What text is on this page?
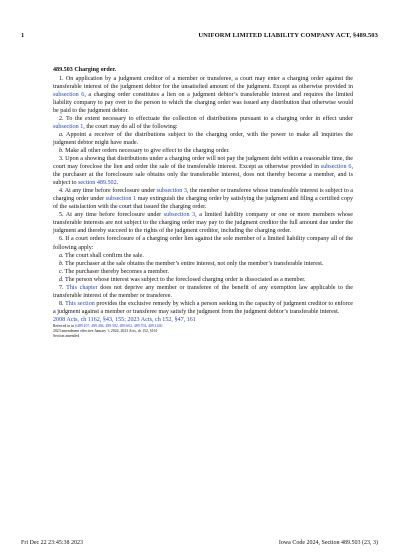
1	UNIFORM LIMITED LIABILITY COMPANY ACT, §489.503
489.503 Charging order.

1. On application by a judgment creditor of a member or transferee, a court may enter a charging order against the transferable interest of the judgment debtor for the unsatisfied amount of the judgment. Except as otherwise provided in subsection 6, a charging order constitutes a lien on a judgment debtor’s transferable interest and requires the limited liability company to pay over to the person to which the charging order was issued any distribution that otherwise would be paid to the judgment debtor.

2. To the extent necessary to effectuate the collection of distributions pursuant to a charging order in effect under subsection 1, the court may do all of the following:

a. Appoint a receiver of the distributions subject to the charging order, with the power to make all inquiries the judgment debtor might have made.

b. Make all other orders necessary to give effect to the charging order.

3. Upon a showing that distributions under a charging order will not pay the judgment debt within a reasonable time, the court may foreclose the lien and order the sale of the transferable interest. Except as otherwise provided in subsection 6, the purchaser at the foreclosure sale obtains only the transferable interest, does not thereby become a member, and is subject to section 489.502.

4. At any time before foreclosure under subsection 3, the member or transferee whose transferable interest is subject to a charging order under subsection 1 may extinguish the charging order by satisfying the judgment and filing a certified copy of the satisfaction with the court that issued the charging order.

5. At any time before foreclosure under subsection 3, a limited liability company or one or more members whose transferable interests are not subject to the charging order may pay to the judgment creditor the full amount due under the judgment and thereby succeed to the rights of the judgment creditor, including the charging order.

6. If a court orders foreclosure of a charging order lien against the sole member of a limited liability company all of the following apply:

a. The court shall confirm the sale.

b. The purchaser at the sale obtains the member’s entire interest, not only the member’s transferable interest.

c. The purchaser thereby becomes a member.

d. The person whose interest was subject to the foreclosed charging order is dissociated as a member.

7. This chapter does not deprive any member or transferee of the benefit of any exemption law applicable to the transferable interest of the member or transferee.

8. This section provides the exclusive remedy by which a person seeking in the capacity of judgment creditor to enforce a judgment against a member or transferee may satisfy the judgment from the judgment debtor’s transferable interest.

2008 Acts, ch 1162, §43, 155; 2023 Acts, ch 152, §47, 161

Referred to in §489.107, 489.404, 489.502, 489.602, 489.702, 489.1440

2023 amendment effective January 1, 2024; 2023 Acts, ch 152, §161

Section amended

Fri Dec 22 23:45:38 2023	Iowa Code 2024, Section 489.503 (23, 3)
